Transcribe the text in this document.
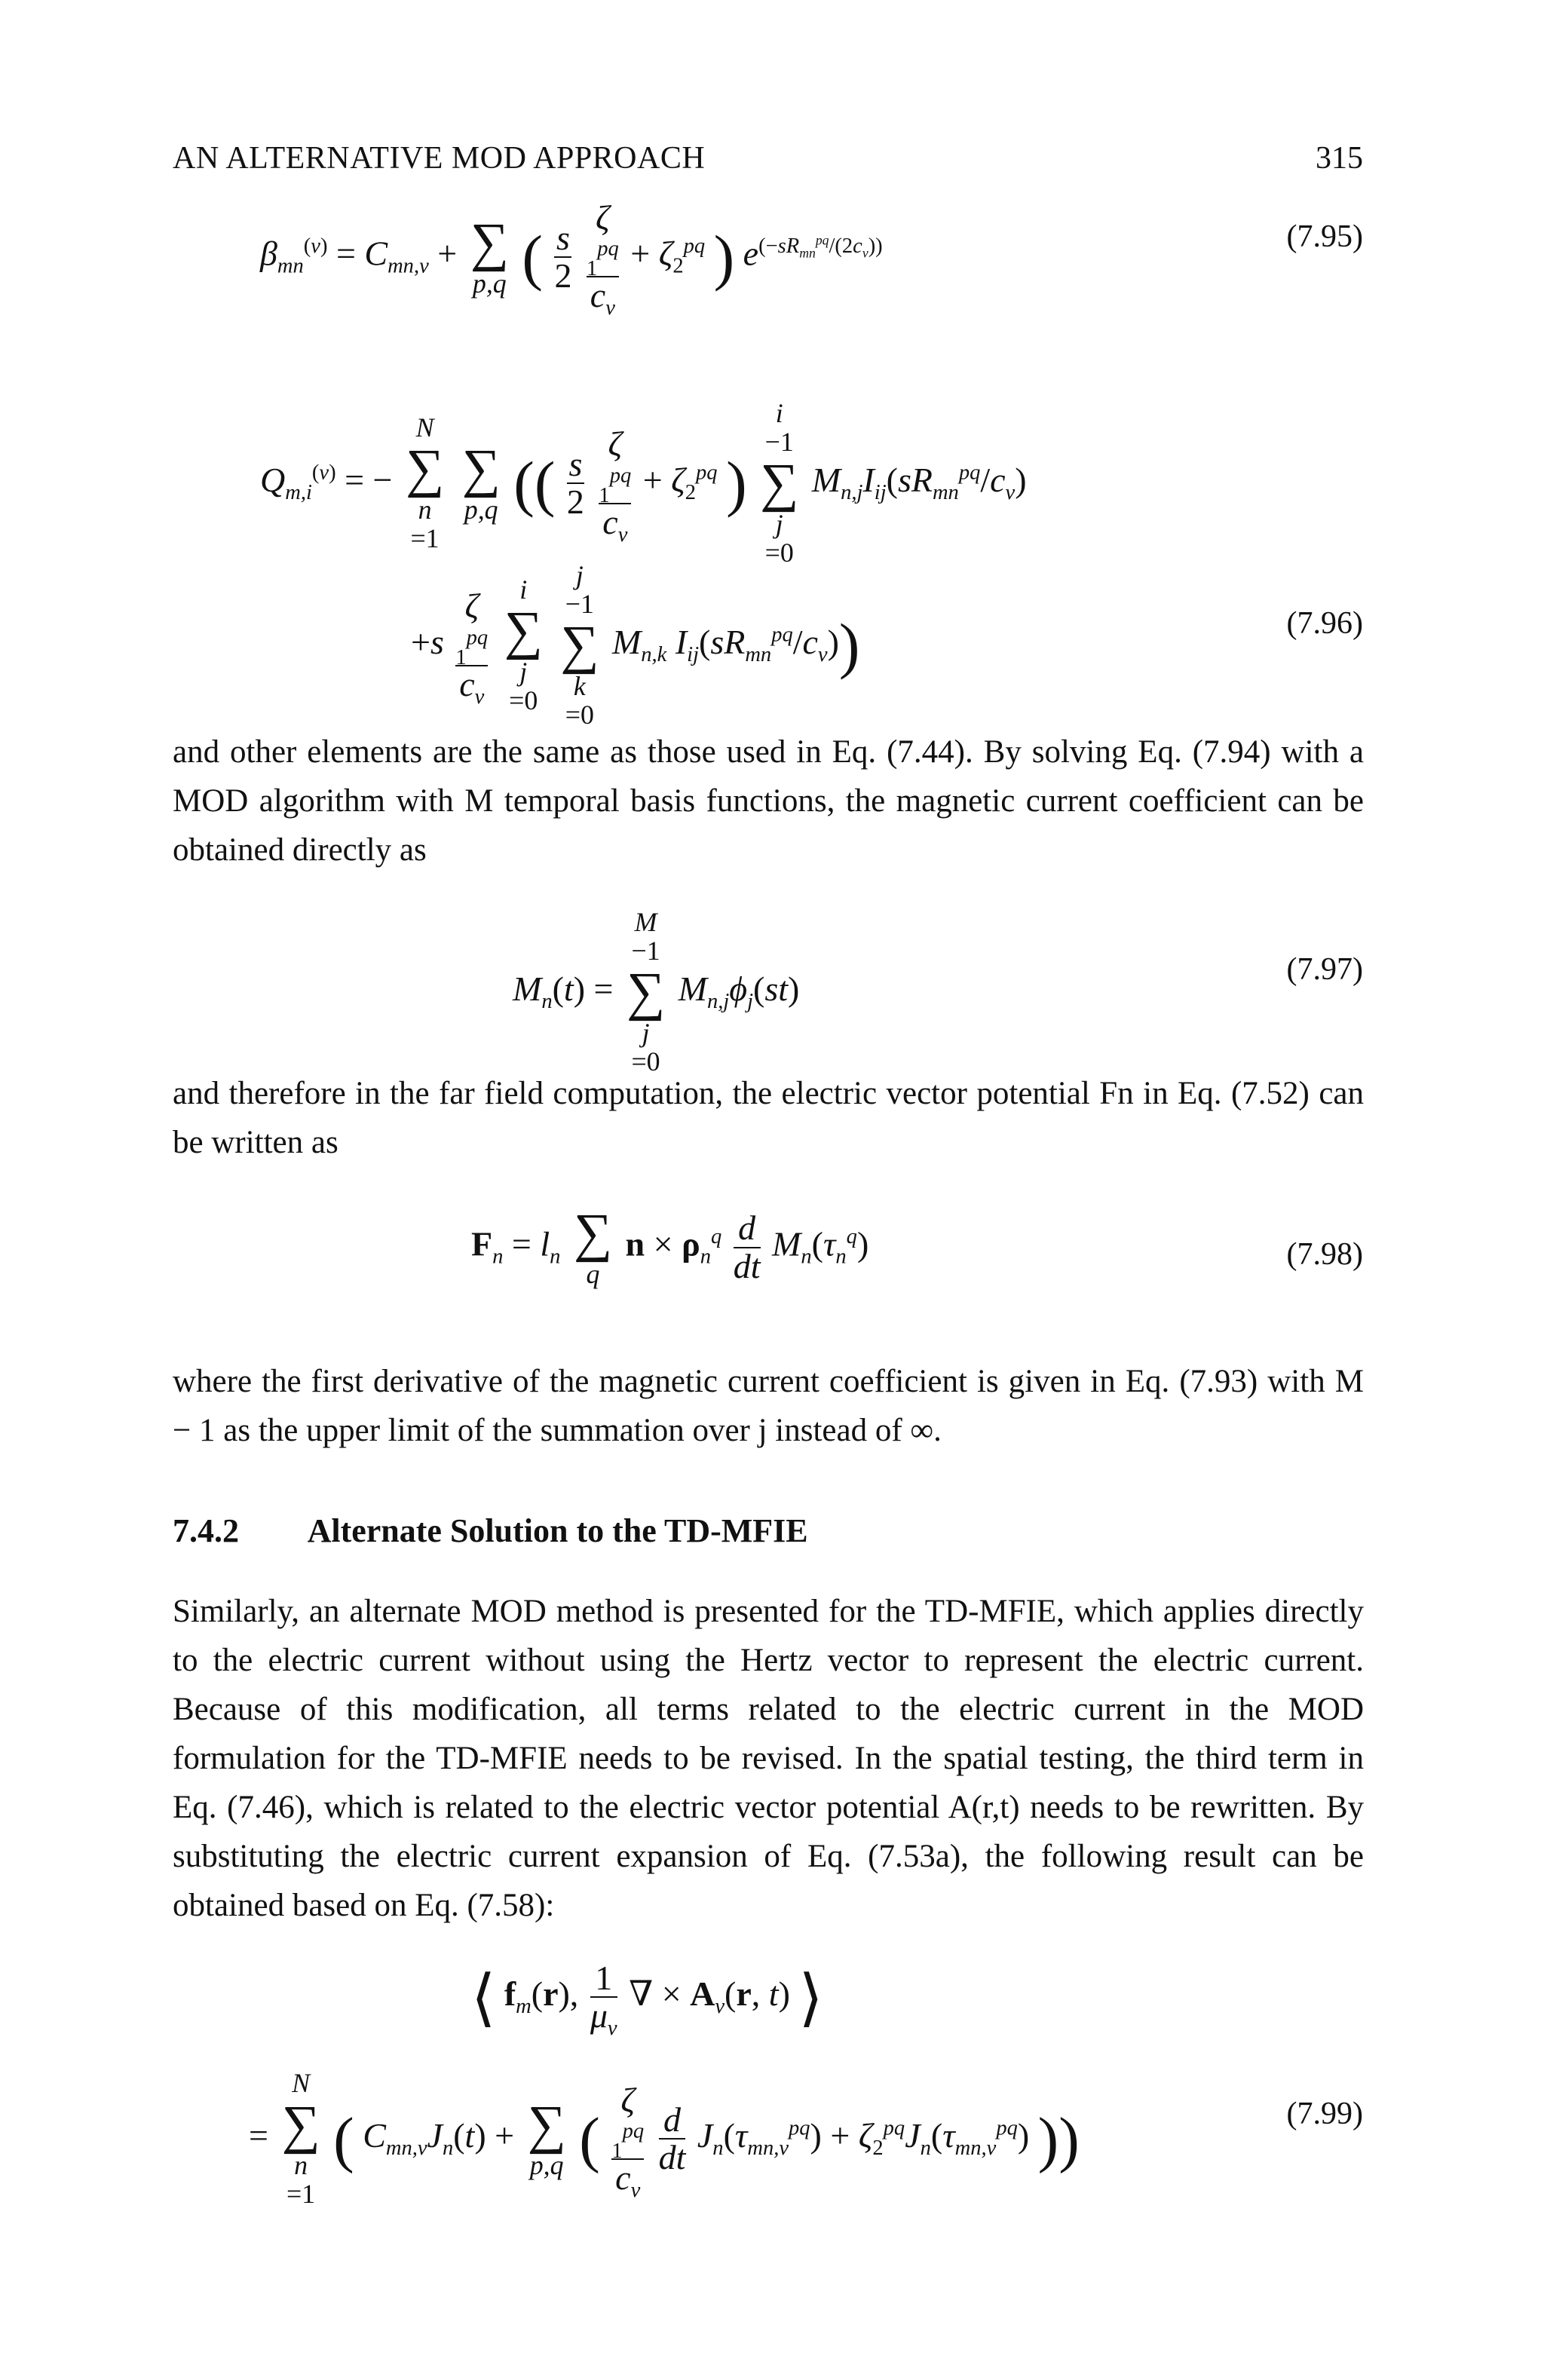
AN ALTERNATIVE MOD APPROACH	315
$\beta_{mn}^{(\nu)} = C_{mn,\nu}$ + ∑
p,q ( $\frac{s}{2}$

ζ
$_1^{pq}$
$c_\nu$
+ $\zeta_2^{pq}$ ) $e^{(-sR_{mn}^{pq}/(2c_\nu))}$	(7.95)
$Q_{m,i}^{(\nu)}$ = −
N
∑
n
=1

∑
p,q (( $\frac{s}{2}$

ζ
$_1^{pq}$
$c_\nu$
+ $\zeta_2^{pq}$ )
i
−1
∑
j
=0
$M_{n,j}I_{ij}(sR_{mn}^{pq}/c_\nu)$
+s
ζ
$_1^{pq}$
$c_\nu$

i
∑
j
=0

j
−1
∑
k
=0
$M_{n,k}$ $I_{ij}(sR_{mn}^{pq}/c_\nu)$)	(7.96)
and other elements are the same as those used in Eq. (7.44). By solving Eq. (7.94) with a MOD algorithm with M temporal basis functions, the magnetic current coefficient can be obtained directly as
$M_n(t)$ =
M
−1
∑
j
=0
$M_{n,j}\phi_j(st)$	(7.97)
and therefore in the far field computation, the electric vector potential Fn in Eq. (7.52) can be written as
$F_n = l_n$ ∑
q
$n \times \rho_n^q \frac{d}{dt} M_n(\tau_n^q)$	(7.98)
where the first derivative of the magnetic current coefficient is given in Eq. (7.93) with M − 1 as the upper limit of the summation over j instead of ∞.
7.4.2 Alternate Solution to the TD-MFIE
Similarly, an alternate MOD method is presented for the TD-MFIE, which applies directly to the electric current without using the Hertz vector to represent the electric current. Because of this modification, all terms related to the electric current in the MOD formulation for the TD-MFIE needs to be revised. In the spatial testing, the third term in Eq. (7.46), which is related to the electric vector potential A(r,t) needs to be rewritten. By substituting the electric current expansion of Eq. (7.53a), the following result can be obtained based on Eq. (7.58):
⟨ $f_m(r)$, $\frac{1}{\mu_\nu}$ ∇ × $A_\nu(r$, t) ⟩
=
N
∑
n
=1
( $C_{mn,\nu}J_n(t)$ + ∑
p,q (
ζ
$_1^{pq}$
$c_\nu$

$\frac{d}{dt} J_n(\tau_{mn,\nu}^{pq}) + \zeta_2^{pq}J_n(\tau_{mn,\nu}^{pq})$ ))	(7.99)
